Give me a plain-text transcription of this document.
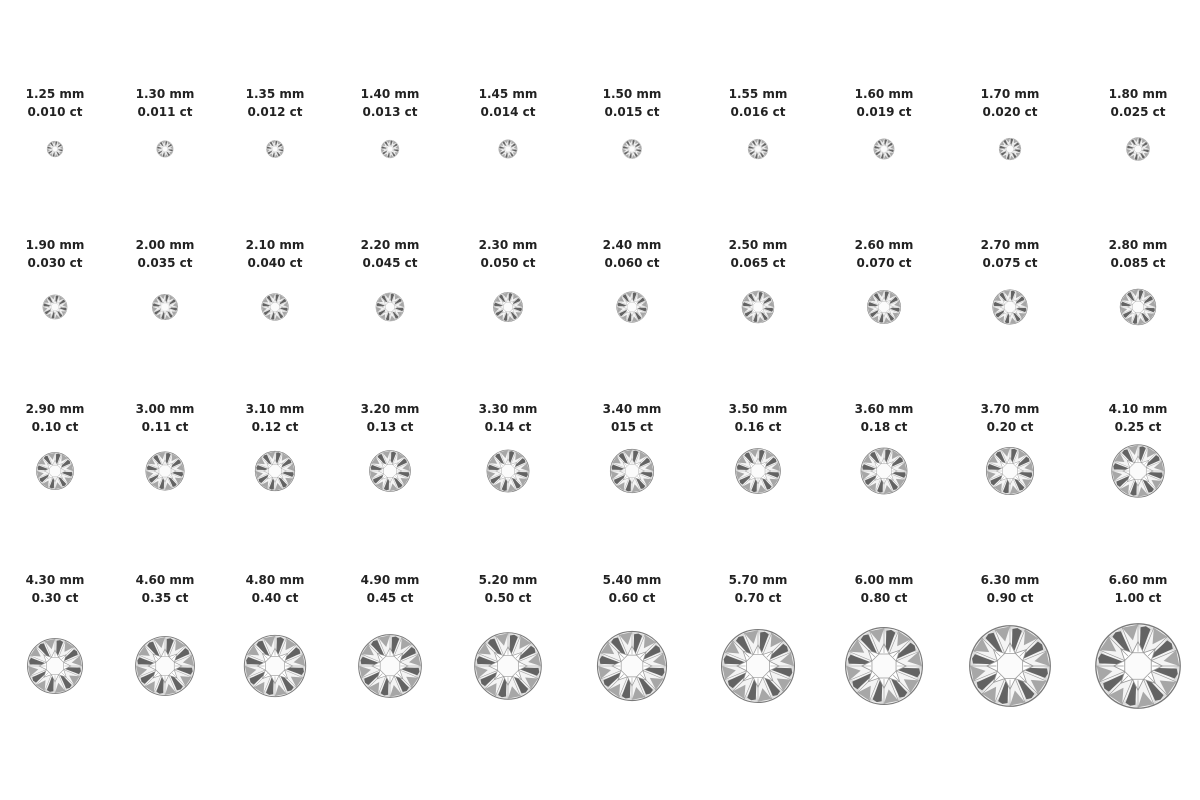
1.25 mm
0.010 ct
1.30 mm
0.011 ct
1.35 mm
0.012 ct
1.40 mm
0.013 ct
1.45 mm
0.014 ct
1.50 mm
0.015 ct
1.55 mm
0.016 ct
1.60 mm
0.019 ct
1.70 mm
0.020 ct
1.80 mm
0.025 ct
1.90 mm
0.030 ct
2.00 mm
0.035 ct
2.10 mm
0.040 ct
2.20 mm
0.045 ct
2.30 mm
0.050 ct
2.40 mm
0.060 ct
2.50 mm
0.065 ct
2.60 mm
0.070 ct
2.70 mm
0.075 ct
2.80 mm
0.085 ct
2.90 mm
0.10 ct
3.00 mm
0.11 ct
3.10 mm
0.12 ct
3.20 mm
0.13 ct
3.30 mm
0.14 ct
3.40 mm
015 ct
3.50 mm
0.16 ct
3.60 mm
0.18 ct
3.70 mm
0.20 ct
4.10 mm
0.25 ct
4.30 mm
0.30 ct
4.60 mm
0.35 ct
4.80 mm
0.40 ct
4.90 mm
0.45 ct
5.20 mm
0.50 ct
5.40 mm
0.60 ct
5.70 mm
0.70 ct
6.00 mm
0.80 ct
6.30 mm
0.90 ct
6.60 mm
1.00 ct
